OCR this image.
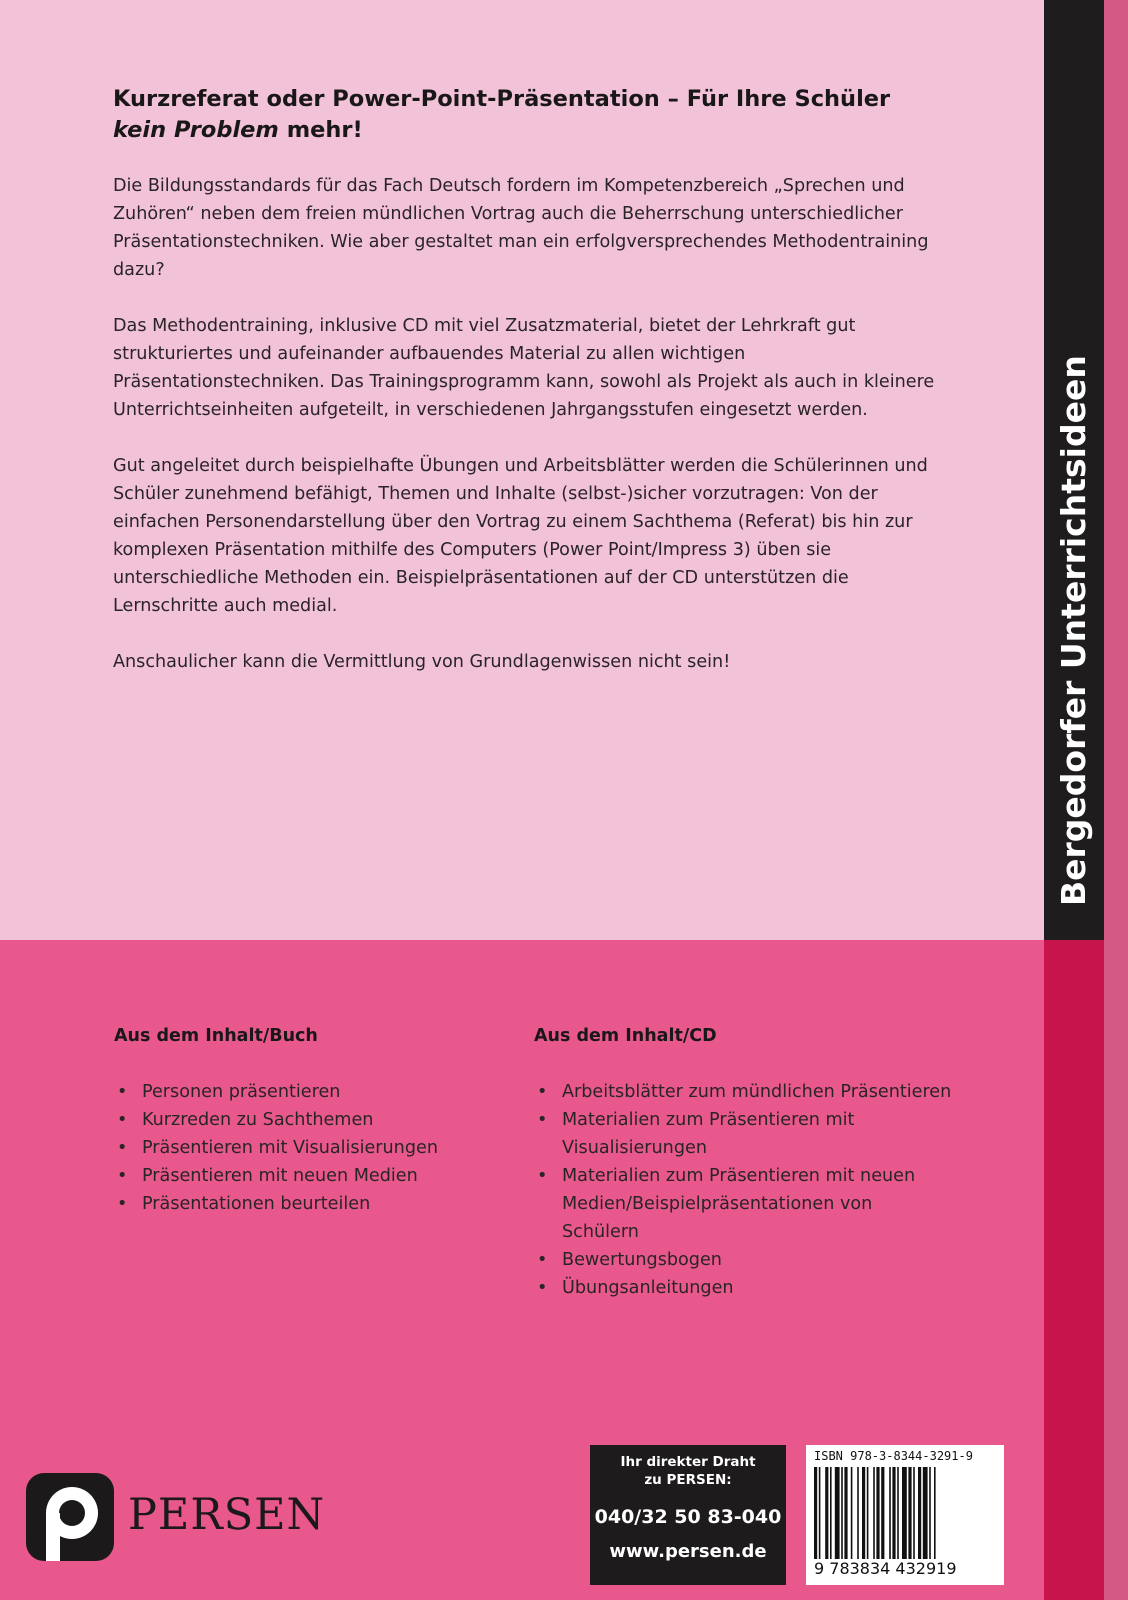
Bergedorfer Unterrichtsideen
Kurzreferat oder Power-Point-Präsentation – Für Ihre Schüler
kein Problem mehr!

Die Bildungsstandards für das Fach Deutsch fordern im Kompetenzbereich „Sprechen und Zuhören“ neben dem freien mündlichen Vortrag auch die Beherrschung unterschiedlicher Präsentationstechniken. Wie aber gestaltet man ein erfolgversprechendes Methodentraining dazu?

Das Methodentraining, inklusive CD mit viel Zusatzmaterial, bietet der Lehrkraft gut strukturiertes und aufeinander aufbauendes Material zu allen wichtigen Präsentationstechniken. Das Trainingsprogramm kann, sowohl als Projekt als auch in kleinere Unterrichtseinheiten aufgeteilt, in verschiedenen Jahrgangsstufen eingesetzt werden.

Gut angeleitet durch beispielhafte Übungen und Arbeitsblätter werden die Schülerinnen und Schüler zunehmend befähigt, Themen und Inhalte (selbst-)sicher vorzutragen: Von der einfachen Personendarstellung über den Vortrag zu einem Sachthema (Referat) bis hin zur komplexen Präsentation mithilfe des Computers (Power Point/Impress 3) üben sie unterschiedliche Methoden ein. Beispielpräsentationen auf der CD unterstützen die Lernschritte auch medial.

Anschaulicher kann die Vermittlung von Grundlagenwissen nicht sein!

Aus dem Inhalt/Buch
• Personen präsentieren
• Kurzreden zu Sachthemen
• Präsentieren mit Visualisierungen
• Präsentieren mit neuen Medien
• Präsentationen beurteilen
Aus dem Inhalt/CD
• Arbeitsblätter zum mündlichen Präsentieren
• Materialien zum Präsentieren mit Visualisierungen
• Materialien zum Präsentieren mit neuen Medien/Beispielpräsentationen von Schülern
• Bewertungsbogen
• Übungsanleitungen
PERSEN
Ihr direkter Draht
zu PERSEN:
040/32 50 83-040
www.persen.de
ISBN 978-3-8344-3291-9
9 783834 432919
